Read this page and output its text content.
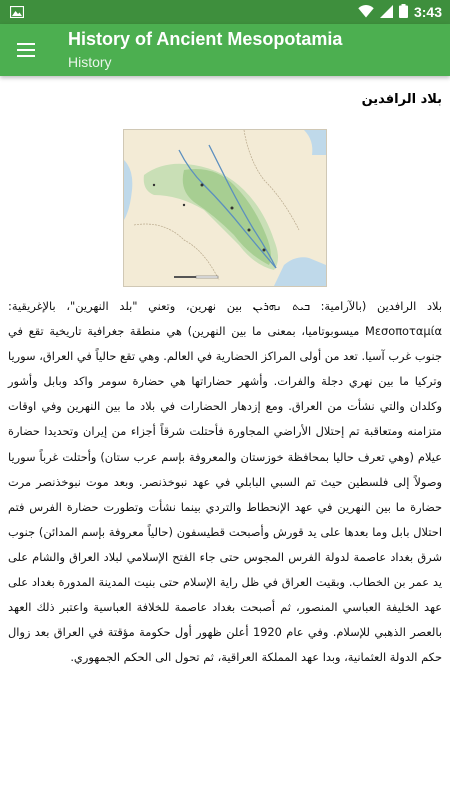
3:43
History of Ancient Mesopotamia
History
بلاد الرافدين

بلاد الرافدين (بالآرامية: ܒܝܬ ܢܗܪܝܢ بين نهرين، وتعني "بلد النهرين"، بالإغريقية: Μεσοποταμία ميسوبوتاميا، بمعنى ما بين النهرين) هي منطقة جغرافية تاريخية تقع في جنوب غرب آسيا. تعد من أولى المراكز الحضارية في العالم. وهي تقع حالياً في العراق، سوريا وتركيا ما بين نهري دجلة والفرات. وأشهر حضاراتها هي حضارة سومر واكد وبابل وأشور وكلدان والتي نشأت من العراق. ومع إزدهار الحضارات في بلاد ما بين النهرين وفي اوقات متزامنه ومتعاقبة تم إحتلال الأراضي المجاورة فأحتلت شرقاً أجزاء من إيران وتحديدا حضارة عيلام (وهي تعرف حاليا بمحافظة خوزستان والمعروفة بإسم عرب ستان) وأحتلت غرباً سوريا وصولاً إلى فلسطين حيث تم السبي البابلي في عهد نبوخذنصر. وبعد موت نبوخذنصر مرت حضارة ما بين النهرين في عهد الإنحطاط والتردي بينما نشأت وتطورت حضارة الفرس فتم احتلال بابل وما بعدها على يد قورش وأصبحت قطيسفون (حالياً معروفة بإسم المدائن) جنوب شرق بغداد عاصمة لدولة الفرس المجوس حتى جاء الفتح الإسلامي لبلاد العراق والشام على يد عمر بن الخطاب. وبقيت العراق في ظل راية الإسلام حتى بنيت المدينة المدورة بغداد على عهد الخليفة العباسي المنصور، ثم أصبحت بغداد عاصمة للخلافة العباسية واعتبر ذلك العهد بالعصر الذهبي للإسلام. وفي عام 1920 أعلن ظهور أول حكومة مؤقتة في العراق بعد زوال حكم الدولة العثمانية، وبدا عهد المملكة العراقية، ثم تحول الى الحكم الجمهوري.
